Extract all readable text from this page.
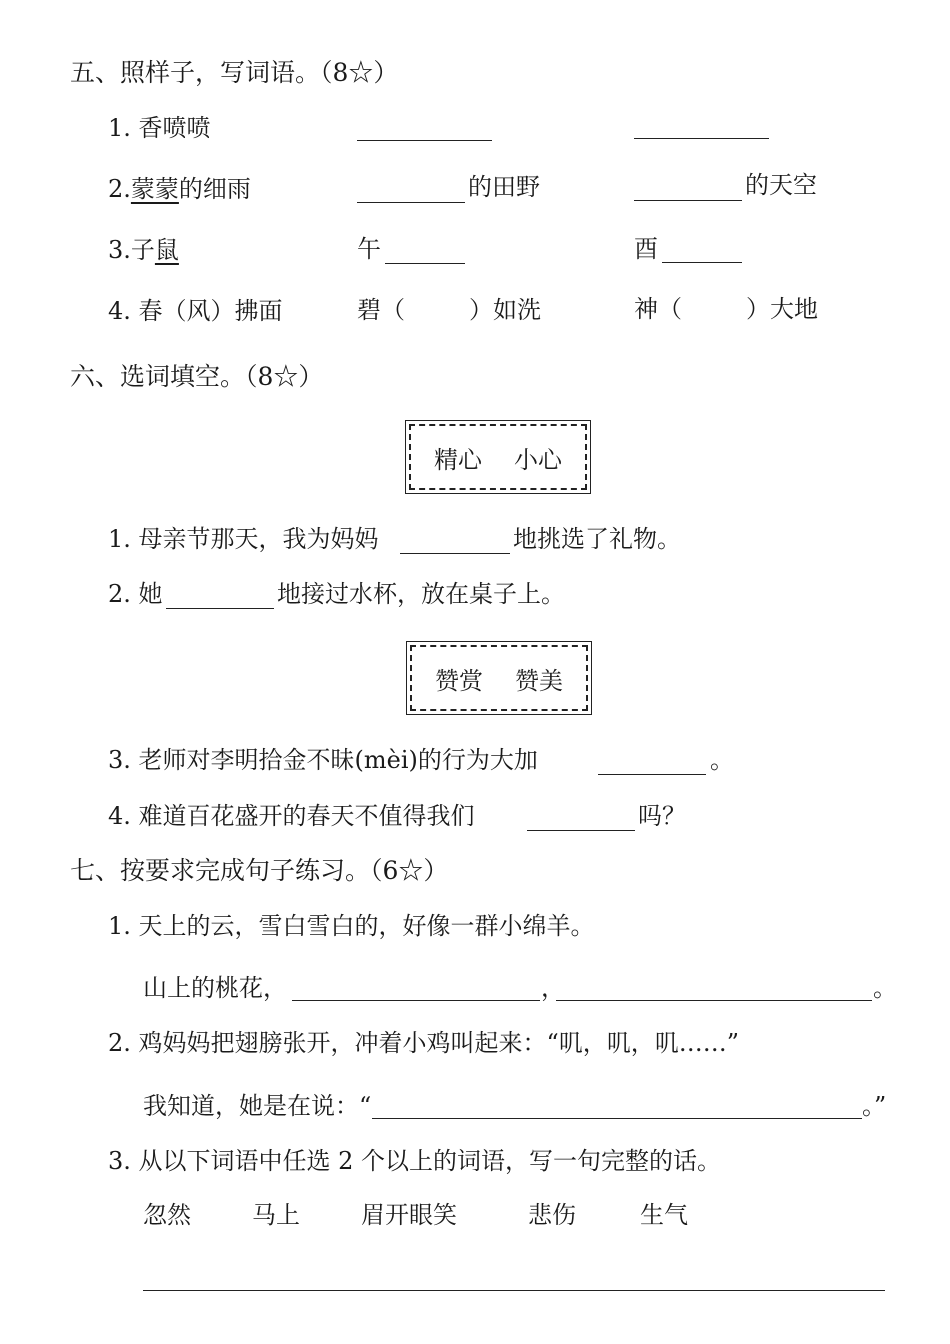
五、照样子，写词语。（8☆）
1. 香喷喷
2.蒙蒙的细雨	的田野	的天空
3.子鼠	午	酉
4. 春（风）拂面	碧（	）如洗	神（	）大地
六、选词填空。（8☆）
精心 小心
1. 母亲节那天，我为妈妈	地挑选了礼物。
2. 她	地接过水杯，放在桌子上。
赞赏 赞美
3. 老师对李明拾金不昧(mèi)的行为大加	。
4. 难道百花盛开的春天不值得我们	吗？
七、按要求完成句子练习。（6☆）
1. 天上的云，雪白雪白的，好像一群小绵羊。
山上的桃花，	，	。
2. 鸡妈妈把翅膀张开，冲着小鸡叫起来：“叽，叽，叽……”
我知道，她是在说：“	。”
3. 从以下词语中任选 2 个以上的词语，写一句完整的话。
忽然	马上	眉开眼笑	悲伤	生气
